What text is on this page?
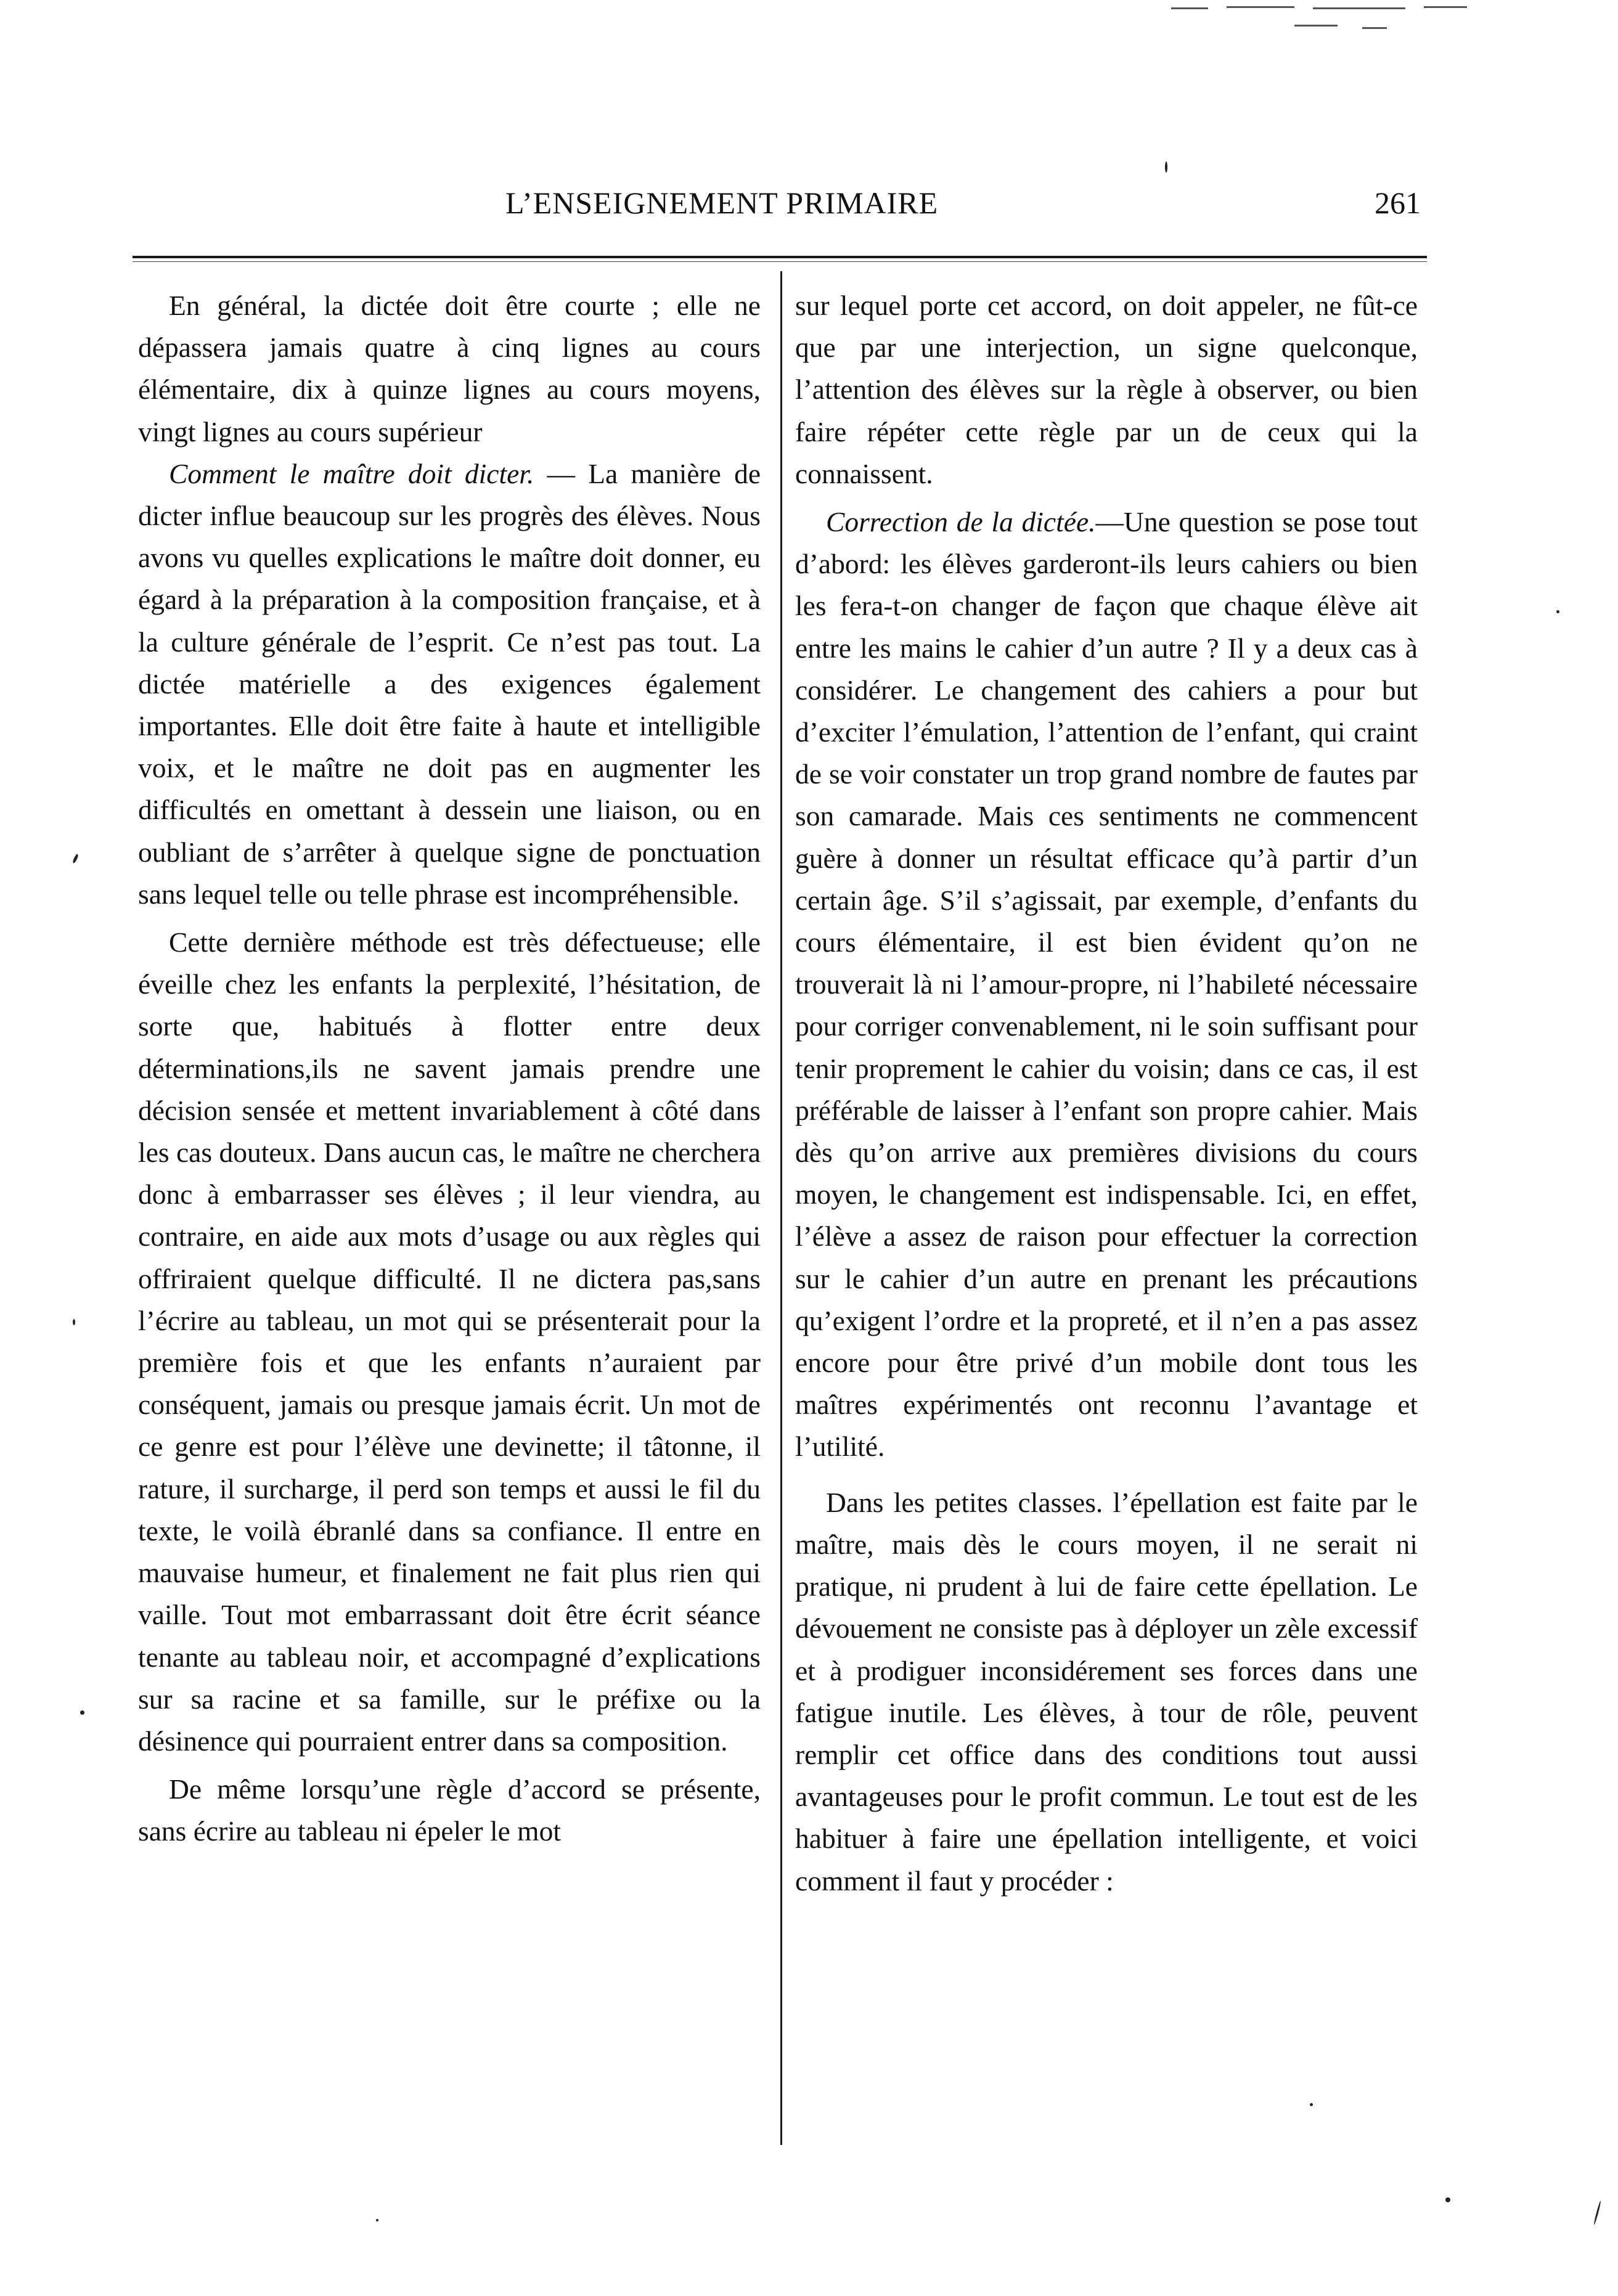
L’ENSEIGNEMENT PRIMAIRE	261

En général, la dictée doit être courte ; elle ne dépassera jamais quatre à cinq lignes au cours élémentaire, dix à quinze lignes au cours moyens, vingt lignes au cours supérieur

Comment le maître doit dicter. — La manière de dicter influe beaucoup sur les progrès des élèves. Nous avons vu quelles explications le maître doit donner, eu égard à la préparation à la composition française, et à la culture générale de l’esprit. Ce n’est pas tout. La dictée matérielle a des exigences également importantes. Elle doit être faite à haute et intelligible voix, et le maître ne doit pas en augmenter les difficultés en omettant à dessein une liaison, ou en oubliant de s’arrêter à quelque signe de ponctuation sans lequel telle ou telle phrase est incompréhensible.

Cette dernière méthode est très défectueuse; elle éveille chez les enfants la perplexité, l’hésitation, de sorte que, habitués à flotter entre deux déterminations,ils ne savent jamais prendre une décision sensée et mettent invariablement à côté dans les cas douteux. Dans aucun cas, le maître ne cherchera donc à embarrasser ses élèves ; il leur viendra, au contraire, en aide aux mots d’usage ou aux règles qui offriraient quelque difficulté. Il ne dictera pas,sans l’écrire au tableau, un mot qui se présenterait pour la première fois et que les enfants n’auraient par conséquent, jamais ou presque jamais écrit. Un mot de ce genre est pour l’élève une devinette; il tâtonne, il rature, il surcharge, il perd son temps et aussi le fil du texte, le voilà ébranlé dans sa confiance. Il entre en mauvaise humeur, et finalement ne fait plus rien qui vaille. Tout mot embarrassant doit être écrit séance tenante au tableau noir, et accompagné d’explications sur sa racine et sa famille, sur le préfixe ou la désinence qui pourraient entrer dans sa composition.

De même lorsqu’une règle d’accord se présente, sans écrire au tableau ni épeler le mot

sur lequel porte cet accord, on doit appeler, ne fût-ce que par une interjection, un signe quelconque, l’attention des élèves sur la règle à observer, ou bien faire répéter cette règle par un de ceux qui la connaissent.

Correction de la dictée.—Une question se pose tout d’abord: les élèves garderont-ils leurs cahiers ou bien les fera-t-on changer de façon que chaque élève ait entre les mains le cahier d’un autre ? Il y a deux cas à considérer. Le changement des cahiers a pour but d’exciter l’émulation, l’attention de l’enfant, qui craint de se voir constater un trop grand nombre de fautes par son camarade. Mais ces sentiments ne commencent guère à donner un résultat efficace qu’à partir d’un certain âge. S’il s’agissait, par exemple, d’enfants du cours élémentaire, il est bien évident qu’on ne trouverait là ni l’amour-propre, ni l’habileté nécessaire pour corriger convenablement, ni le soin suffisant pour tenir proprement le cahier du voisin; dans ce cas, il est préférable de laisser à l’enfant son propre cahier. Mais dès qu’on arrive aux premières divisions du cours moyen, le changement est indispensable. Ici, en effet, l’élève a assez de raison pour effectuer la correction sur le cahier d’un autre en prenant les précautions qu’exigent l’ordre et la propreté, et il n’en a pas assez encore pour être privé d’un mobile dont tous les maîtres expérimentés ont reconnu l’avantage et l’utilité.

Dans les petites classes. l’épellation est faite par le maître, mais dès le cours moyen, il ne serait ni pratique, ni prudent à lui de faire cette épellation. Le dévouement ne consiste pas à déployer un zèle excessif et à prodiguer inconsidérement ses forces dans une fatigue inutile. Les élèves, à tour de rôle, peuvent remplir cet office dans des conditions tout aussi avantageuses pour le profit commun. Le tout est de les habituer à faire une épellation intelligente, et voici comment il faut y procéder :
